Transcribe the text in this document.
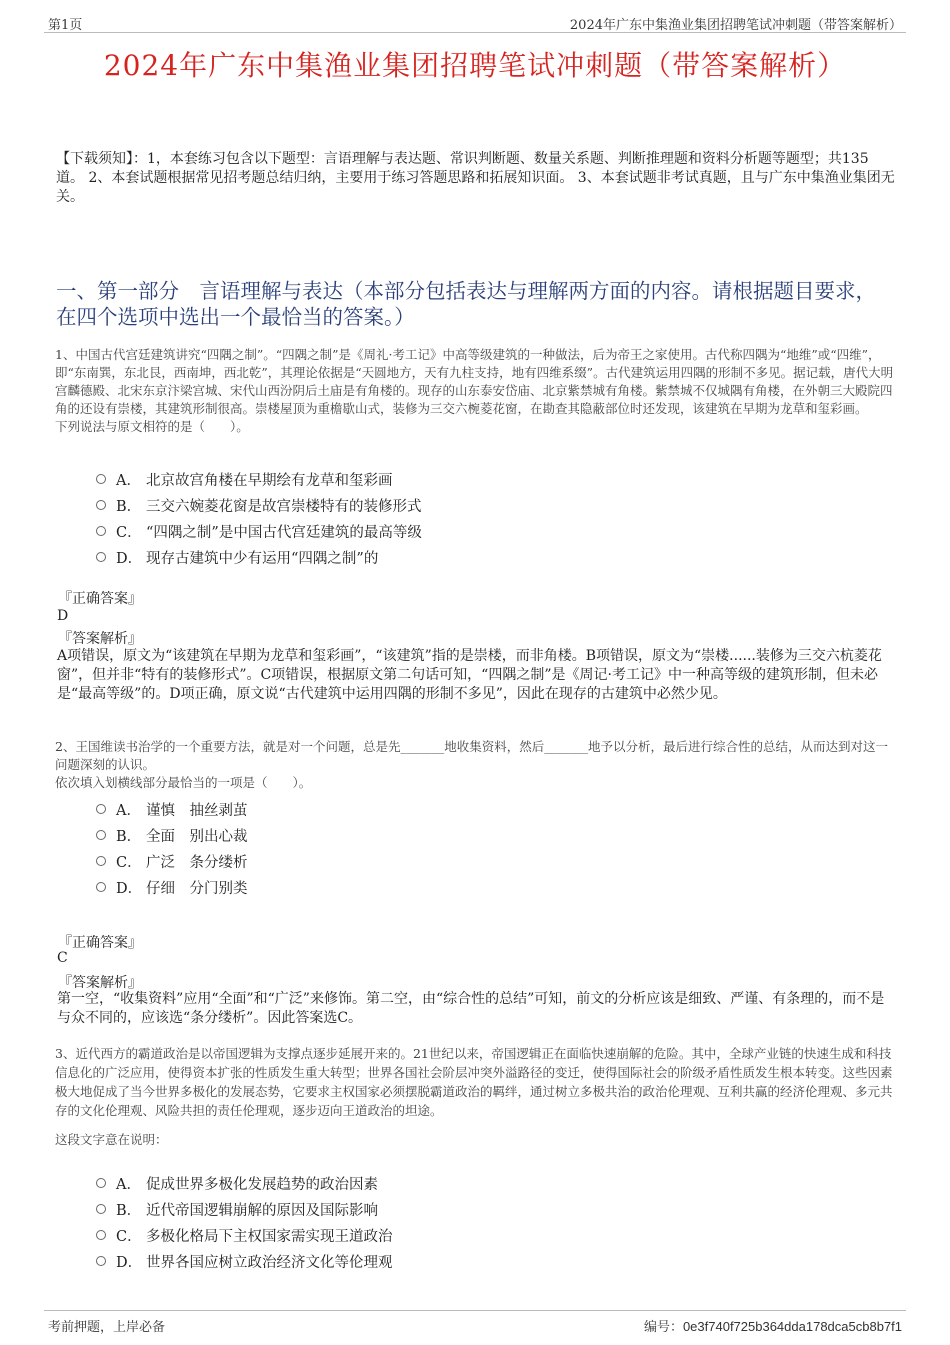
第1页	2024年广东中集渔业集团招聘笔试冲刺题（带答案解析）
2024年广东中集渔业集团招聘笔试冲刺题（带答案解析）
【下载须知】：1，本套练习包含以下题型：言语理解与表达题、常识判断题、数量关系题、判断推理题和资料分析题等题型；共135道。 2、本套试题根据常见招考题总结归纳，主要用于练习答题思路和拓展知识面。 3、本套试题非考试真题，且与广东中集渔业集团无关。
一、第一部分　言语理解与表达（本部分包括表达与理解两方面的内容。请根据题目要求，在四个选项中选出一个最恰当的答案。）
1、中国古代宫廷建筑讲究“四隅之制”。“四隅之制”是《周礼·考工记》中高等级建筑的一种做法，后为帝王之家使用。古代称四隅为“地维”或“四维”，即“东南巽，东北艮，西南坤，西北乾”，其理论依据是“天圆地方，天有九柱支持，地有四维系缀”。古代建筑运用四隅的形制不多见。据记载，唐代大明宫麟德殿、北宋东京汴梁宫城、宋代山西汾阴后土庙是有角楼的。现存的山东泰安岱庙、北京紫禁城有角楼。紫禁城不仅城隅有角楼，在外朝三大殿院四角的还设有崇楼，其建筑形制很高。崇楼屋顶为重檐歇山式，装修为三交六椀菱花窗，在勘查其隐蔽部位时还发现，该建筑在早期为龙草和玺彩画。
下列说法与原文相符的是（　　）。
A． 北京故宫角楼在早期绘有龙草和玺彩画
B． 三交六婉菱花窗是故宫崇楼特有的装修形式
C． “四隅之制”是中国古代宫廷建筑的最高等级
D． 现存古建筑中少有运用“四隅之制”的
『正确答案』
D
『答案解析』
A项错误，原文为“该建筑在早期为龙草和玺彩画”，“该建筑”指的是崇楼，而非角楼。B项错误，原文为“崇楼......装修为三交六杭菱花窗”，但并非“特有的装修形式”。C项错误，根据原文第二句话可知，“四隅之制”是《周记·考工记》中一种高等级的建筑形制，但未必是“最高等级”的。D项正确，原文说“古代建筑中运用四隅的形制不多见”，因此在现存的古建筑中必然少见。
2、王国维读书治学的一个重要方法，就是对一个问题，总是先_______地收集资料，然后_______地予以分析，最后进行综合性的总结，从而达到对这一问题深刻的认识。
依次填入划横线部分最恰当的一项是（　　）。
A． 谨慎　抽丝剥茧
B． 全面　别出心裁
C． 广泛　条分缕析
D． 仔细　分门别类
『正确答案』
C
『答案解析』
第一空，“收集资料”应用“全面”和“广泛”来修饰。第二空，由“综合性的总结”可知，前文的分析应该是细致、严谨、有条理的，而不是与众不同的，应该选“条分缕析”。因此答案选C。
3、近代西方的霸道政治是以帝国逻辑为支撑点逐步延展开来的。21世纪以来，帝国逻辑正在面临快速崩解的危险。其中，全球产业链的快速生成和科技信息化的广泛应用，使得资本扩张的性质发生重大转型；世界各国社会阶层冲突外溢路径的变迁，使得国际社会的阶级矛盾性质发生根本转变。这些因素极大地促成了当今世界多极化的发展态势，它要求主权国家必须摆脱霸道政治的羁绊，通过树立多极共治的政治伦理观、互利共赢的经济伦理观、多元共存的文化伦理观、风险共担的责任伦理观，逐步迈向王道政治的坦途。
这段文字意在说明：
A． 促成世界多极化发展趋势的政治因素
B． 近代帝国逻辑崩解的原因及国际影响
C． 多极化格局下主权国家需实现王道政治
D． 世界各国应树立政治经济文化等伦理观
考前押题，上岸必备	编号：0e3f740f725b364dda178dca5cb8b7f1
